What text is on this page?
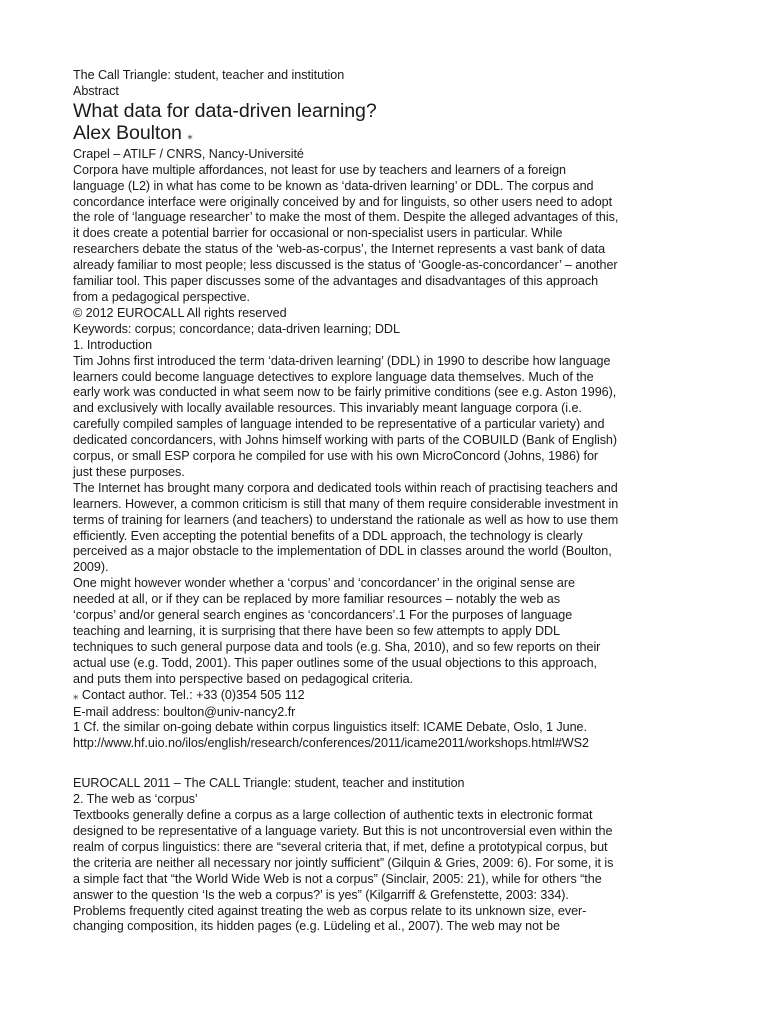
The Call Triangle: student, teacher and institution
Abstract
What data for data-driven learning?
Alex Boulton ⁎
Crapel – ATILF / CNRS, Nancy-Université
Corpora have multiple affordances, not least for use by teachers and learners of a foreign
language (L2) in what has come to be known as ‘data-driven learning’ or DDL. The corpus and
concordance interface were originally conceived by and for linguists, so other users need to adopt
the role of ‘language researcher’ to make the most of them. Despite the alleged advantages of this,
it does create a potential barrier for occasional or non-specialist users in particular. While
researchers debate the status of the ‘web-as-corpus’, the Internet represents a vast bank of data
already familiar to most people; less discussed is the status of ‘Google-as-concordancer’ – another
familiar tool. This paper discusses some of the advantages and disadvantages of this approach
from a pedagogical perspective.
© 2012 EUROCALL All rights reserved
Keywords: corpus; concordance; data-driven learning; DDL
1. Introduction
Tim Johns first introduced the term ‘data-driven learning’ (DDL) in 1990 to describe how language
learners could become language detectives to explore language data themselves. Much of the
early work was conducted in what seem now to be fairly primitive conditions (see e.g. Aston 1996),
and exclusively with locally available resources. This invariably meant language corpora (i.e.
carefully compiled samples of language intended to be representative of a particular variety) and
dedicated concordancers, with Johns himself working with parts of the COBUILD (Bank of English)
corpus, or small ESP corpora he compiled for use with his own MicroConcord (Johns, 1986) for
just these purposes.
The Internet has brought many corpora and dedicated tools within reach of practising teachers and
learners. However, a common criticism is still that many of them require considerable investment in
terms of training for learners (and teachers) to understand the rationale as well as how to use them
efficiently. Even accepting the potential benefits of a DDL approach, the technology is clearly
perceived as a major obstacle to the implementation of DDL in classes around the world (Boulton,
2009).
One might however wonder whether a ‘corpus’ and ‘concordancer’ in the original sense are
needed at all, or if they can be replaced by more familiar resources – notably the web as
‘corpus’ and/or general search engines as ‘concordancers’.1 For the purposes of language
teaching and learning, it is surprising that there have been so few attempts to apply DDL
techniques to such general purpose data and tools (e.g. Sha, 2010), and so few reports on their
actual use (e.g. Todd, 2001). This paper outlines some of the usual objections to this approach,
and puts them into perspective based on pedagogical criteria.
⁎ Contact author. Tel.: +33 (0)354 505 112
E-mail address: boulton@univ-nancy2.fr
1 Cf. the similar on-going debate within corpus linguistics itself: ICAME Debate, Oslo, 1 June.
http://www.hf.uio.no/ilos/english/research/conferences/2011/icame2011/workshops.html#WS2
EUROCALL 2011 – The CALL Triangle: student, teacher and institution
2. The web as ‘corpus’
Textbooks generally define a corpus as a large collection of authentic texts in electronic format
designed to be representative of a language variety. But this is not uncontroversial even within the
realm of corpus linguistics: there are “several criteria that, if met, define a prototypical corpus, but
the criteria are neither all necessary nor jointly sufficient” (Gilquin & Gries, 2009: 6). For some, it is
a simple fact that “the World Wide Web is not a corpus” (Sinclair, 2005: 21), while for others “the
answer to the question ‘Is the web a corpus?’ is yes” (Kilgarriff & Grefenstette, 2003: 334).
Problems frequently cited against treating the web as corpus relate to its unknown size, ever-
changing composition, its hidden pages (e.g. Lüdeling et al., 2007). The web may not be
